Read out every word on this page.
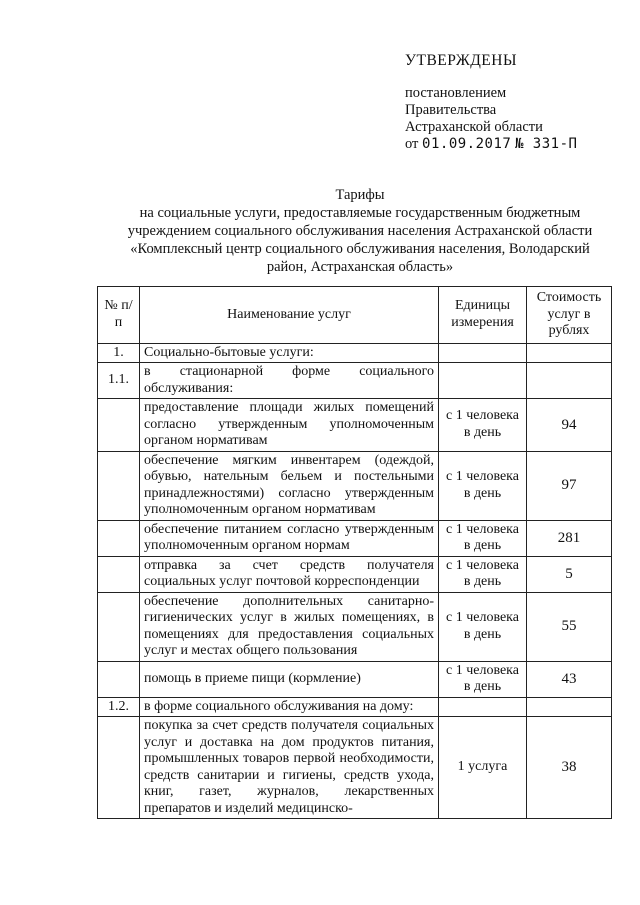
УТВЕРЖДЕНЫ
постановлением
Правительства
Астраханской области
от 01.09.2017 № 331-П
Тарифы
на социальные услуги, предоставляемые государственным бюджетным
учреждением социального обслуживания населения Астраханской области
«Комплексный центр социального обслуживания населения, Володарский
район, Астраханская область»
№ п/п	Наименование услуг	Единицы измерения	Стоимость услуг в рублях
1.	Социально-бытовые услуги:		
1.1.	в стационарной форме социального обслуживания:		
	предоставление площади жилых помещений согласно утвержденным уполномоченным органом нормативам	с 1 человека в день	94
	обеспечение мягким инвентарем (одеждой, обувью, нательным бельем и постельными принадлежностями) согласно утвержденным уполномоченным органом нормативам	с 1 человека в день	97
	обеспечение питанием согласно утвержденным уполномоченным органом нормам	с 1 человека в день	281
	отправка за счет средств получателя социальных услуг почтовой корреспонденции	с 1 человека в день	5
	обеспечение дополнительных санитарно-гигиенических услуг в жилых помещениях, в помещениях для предоставления социальных услуг и местах общего пользования	с 1 человека в день	55
	помощь в приеме пищи (кормление)	с 1 человека в день	43
1.2.	в форме социального обслуживания на дому:		
	покупка за счет средств получателя социальных услуг и доставка на дом продуктов питания, промышленных товаров первой необходимости, средств санитарии и гигиены, средств ухода, книг, газет, журналов, лекарственных препаратов и изделий медицинско-	1 услуга	38
